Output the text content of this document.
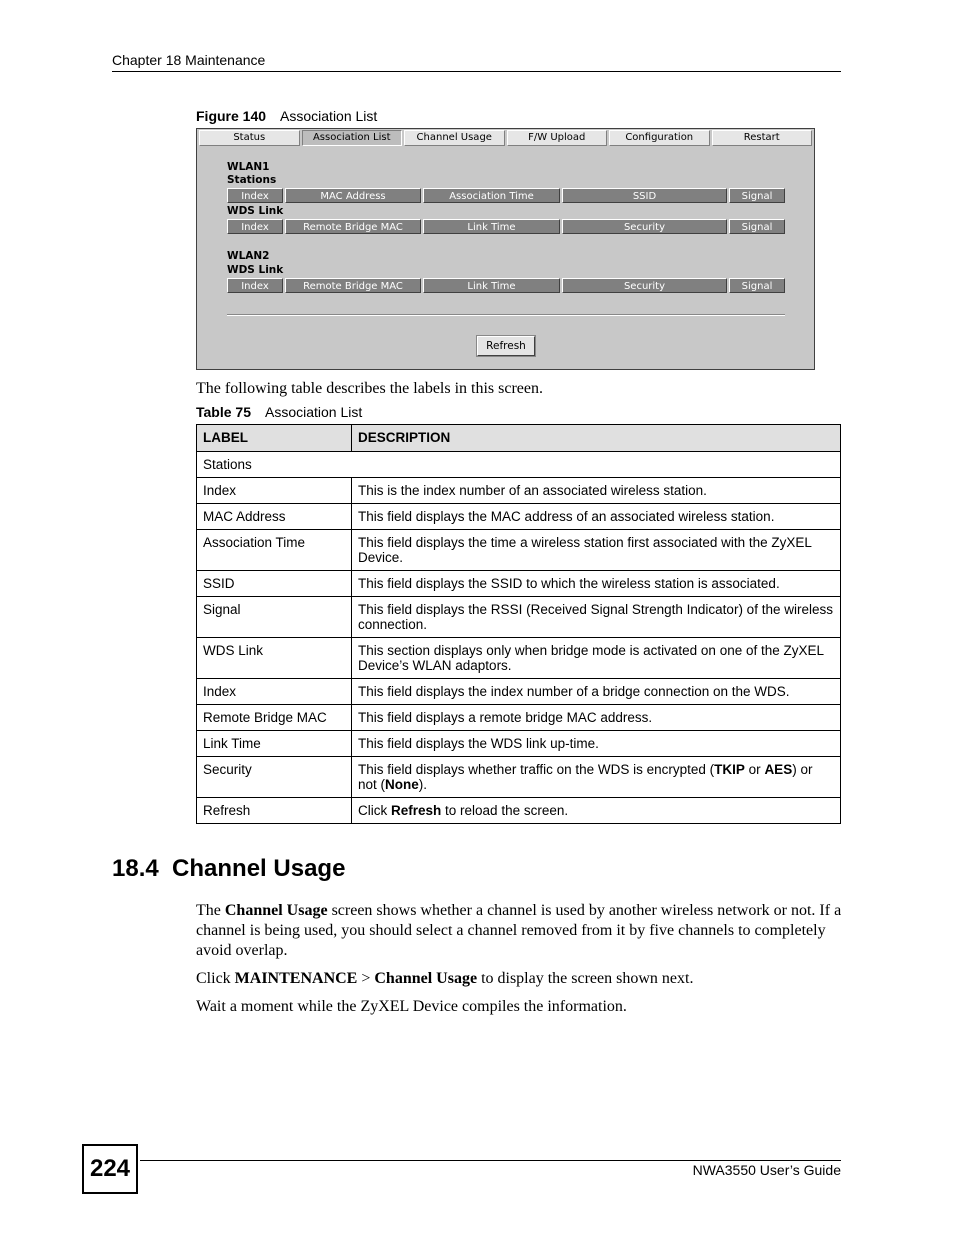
Chapter 18 Maintenance
Figure 140 Association List
Status	Association List	Channel Usage	F/W Upload	Configuration	Restart
WLAN1
Stations
Index	MAC Address	Association Time	SSID	Signal
WDS Link
Index	Remote Bridge MAC	Link Time	Security	Signal
WLAN2
WDS Link
Index	Remote Bridge MAC	Link Time	Security	Signal
Refresh
The following table describes the labels in this screen.
Table 75 Association List
LABEL	DESCRIPTION
Stations	
Index	This is the index number of an associated wireless station.
MAC Address	This field displays the MAC address of an associated wireless station.
Association Time	This field displays the time a wireless station first associated with the ZyXEL Device.
SSID	This field displays the SSID to which the wireless station is associated.
Signal	This field displays the RSSI (Received Signal Strength Indicator) of the wireless connection.
WDS Link	This section displays only when bridge mode is activated on one of the ZyXEL Device’s WLAN adaptors.
Index	This field displays the index number of a bridge connection on the WDS.
Remote Bridge MAC	This field displays a remote bridge MAC address.
Link Time	This field displays the WDS link up-time.
Security	This field displays whether traffic on the WDS is encrypted (TKIP or AES) or not (None).
Refresh	Click Refresh to reload the screen.
18.4  Channel Usage
The Channel Usage screen shows whether a channel is used by another wireless network or not. If a channel is being used, you should select a channel removed from it by five channels to completely avoid overlap.
Click MAINTENANCE > Channel Usage to display the screen shown next.
Wait a moment while the ZyXEL Device compiles the information.
224	NWA3550 User’s Guide
